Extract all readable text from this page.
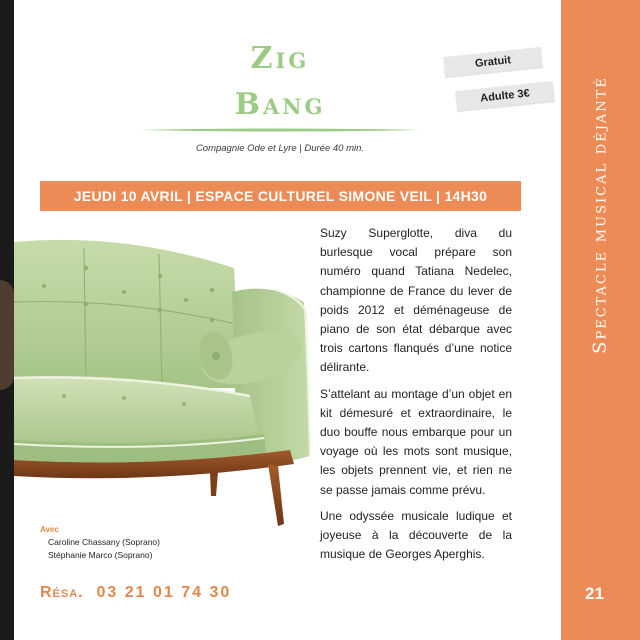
Zig
Bang
Compagnie Ode et Lyre | Durée 40 min.
Gratuit
Adulte 3€
JEUDI 10 AVRIL | ESPACE CULTUREL SIMONE VEIL | 14H30

Suzy Superglotte, diva du burlesque vocal prépare son numéro quand Tatiana Nedelec, championne de France du lever de poids 2012 et déménageuse de piano de son état débarque avec trois cartons flanqués d’une notice délirante.

S’attelant au montage d’un objet en kit démesuré et extraordinaire, le duo bouffe nous embarque pour un voyage où les mots sont musique, les objets prennent vie, et rien ne se passe jamais comme prévu.

Une odyssée musicale ludique et joyeuse à la découverte de la musique de Georges Aperghis.

Avec
Caroline Chassany (Soprano)
Stéphanie Marco (Soprano)
Résa. 03 21 01 74 30
Spectacle musical déjanté
21
